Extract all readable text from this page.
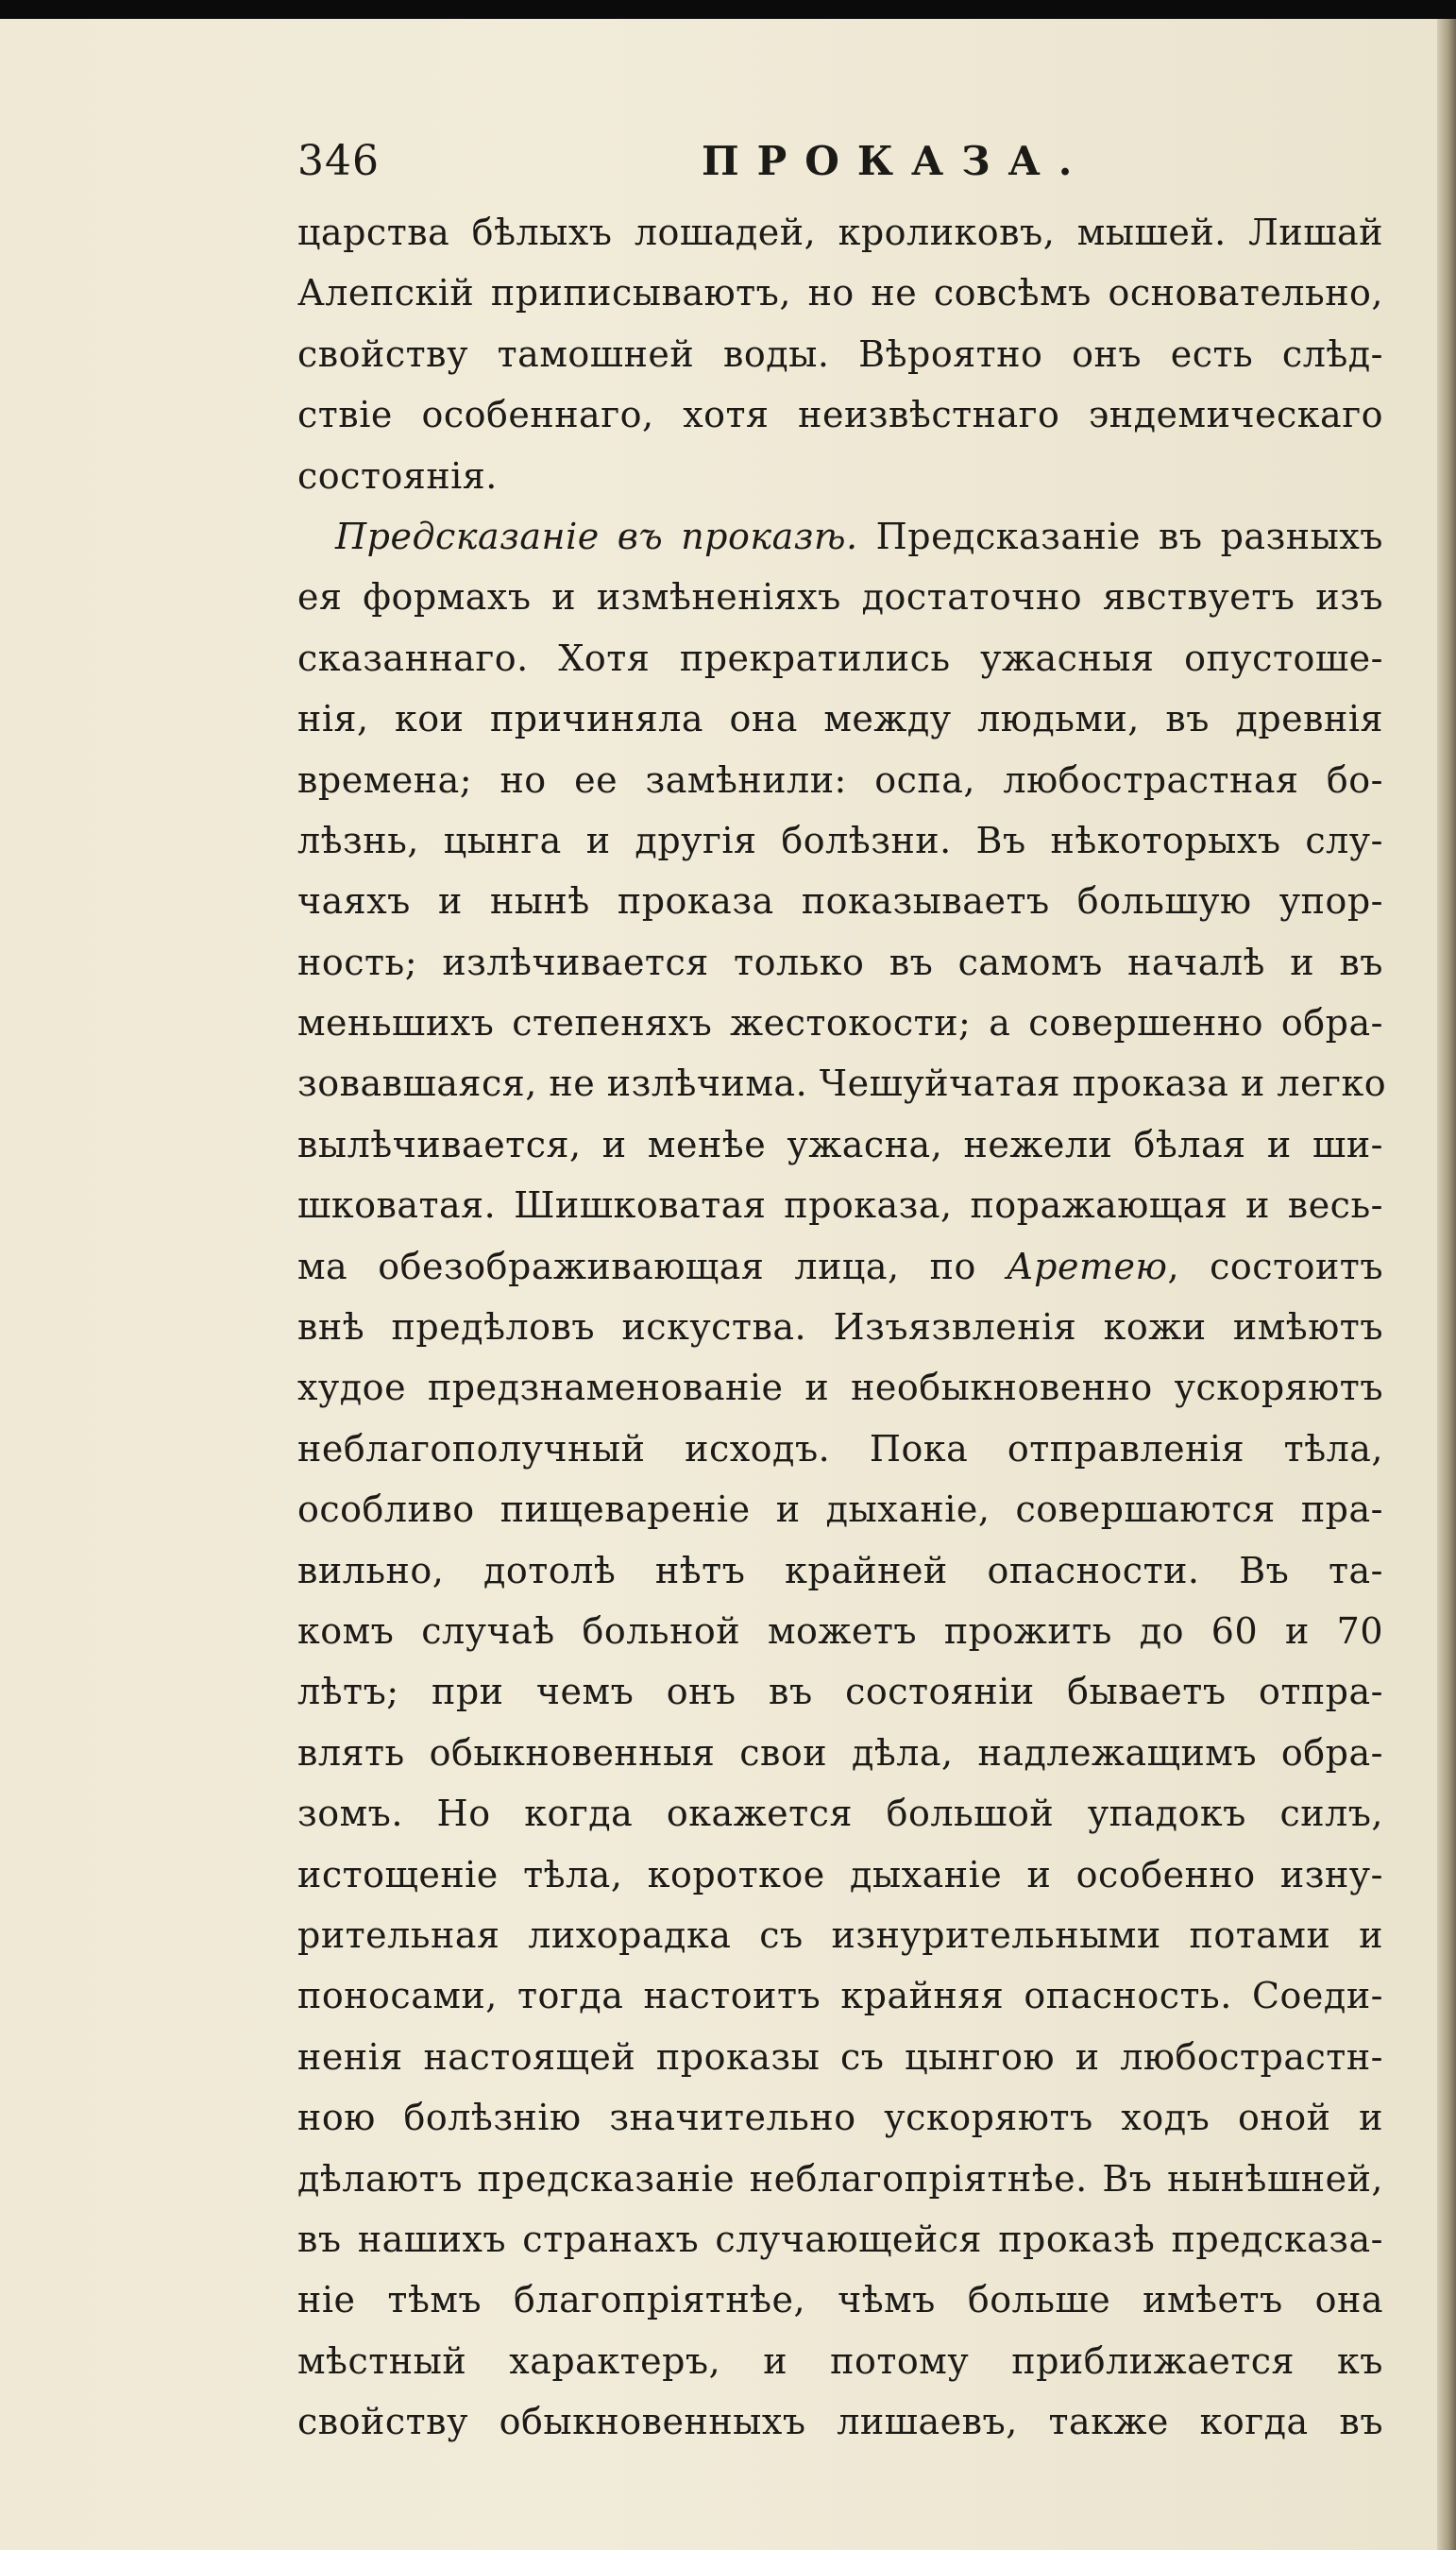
346	ПРОКАЗА.
царства бѣлыхъ лошадей, кроликовъ, мышей. Лишай
Алепскій приписываютъ, но не совсѣмъ основательно,
свойству тамошней воды. Вѣроятно онъ есть слѣд-
ствіе особеннаго, хотя неизвѣстнаго эндемическаго
состоянія.
Предсказаніе въ проказѣ. Предсказаніе въ разныхъ
ея формахъ и измѣненіяхъ достаточно явствуетъ изъ
сказаннаго. Хотя прекратились ужасныя опустоше-
нія, кои причиняла она между людьми, въ древнія
времена; но ее замѣнили: оспа, любострастная бо-
лѣзнь, цынга и другія болѣзни. Въ нѣкоторыхъ слу-
чаяхъ и нынѣ проказа показываетъ большую упор-
ность; излѣчивается только въ самомъ началѣ и въ
меньшихъ степеняхъ жестокости; а совершенно обра-
зовавшаяся, не излѣчима. Чешуйчатая проказа и легко
вылѣчивается, и менѣе ужасна, нежели бѣлая и ши-
шковатая. Шишковатая проказа, поражающая и весь-
ма обезображивающая лица, по Аретею, состоитъ
внѣ предѣловъ искуства. Изъязвленія кожи имѣютъ
худое предзнаменованіе и необыкновенно ускоряютъ
неблагополучный исходъ. Пока отправленія тѣла,
особливо пищевареніе и дыханіе, совершаются пра-
вильно, дотолѣ нѣтъ крайней опасности. Въ та-
комъ случаѣ больной можетъ прожить до 60 и 70
лѣтъ; при чемъ онъ въ состояніи бываетъ отпра-
влять обыкновенныя свои дѣла, надлежащимъ обра-
зомъ. Но когда окажется большой упадокъ силъ,
истощеніе тѣла, короткое дыханіе и особенно изну-
рительная лихорадка съ изнурительными потами и
поносами, тогда настоитъ крайняя опасность. Соеди-
ненія настоящей проказы съ цынгою и любострастн-
ною болѣзнію значительно ускоряютъ ходъ оной и
дѣлаютъ предсказаніе неблагопріятнѣе. Въ нынѣшней,
въ нашихъ странахъ случающейся проказѣ предсказа-
ніе тѣмъ благопріятнѣе, чѣмъ больше имѣетъ она
мѣстный характеръ, и потому приближается къ
свойству обыкновенныхъ лишаевъ, также когда въ
